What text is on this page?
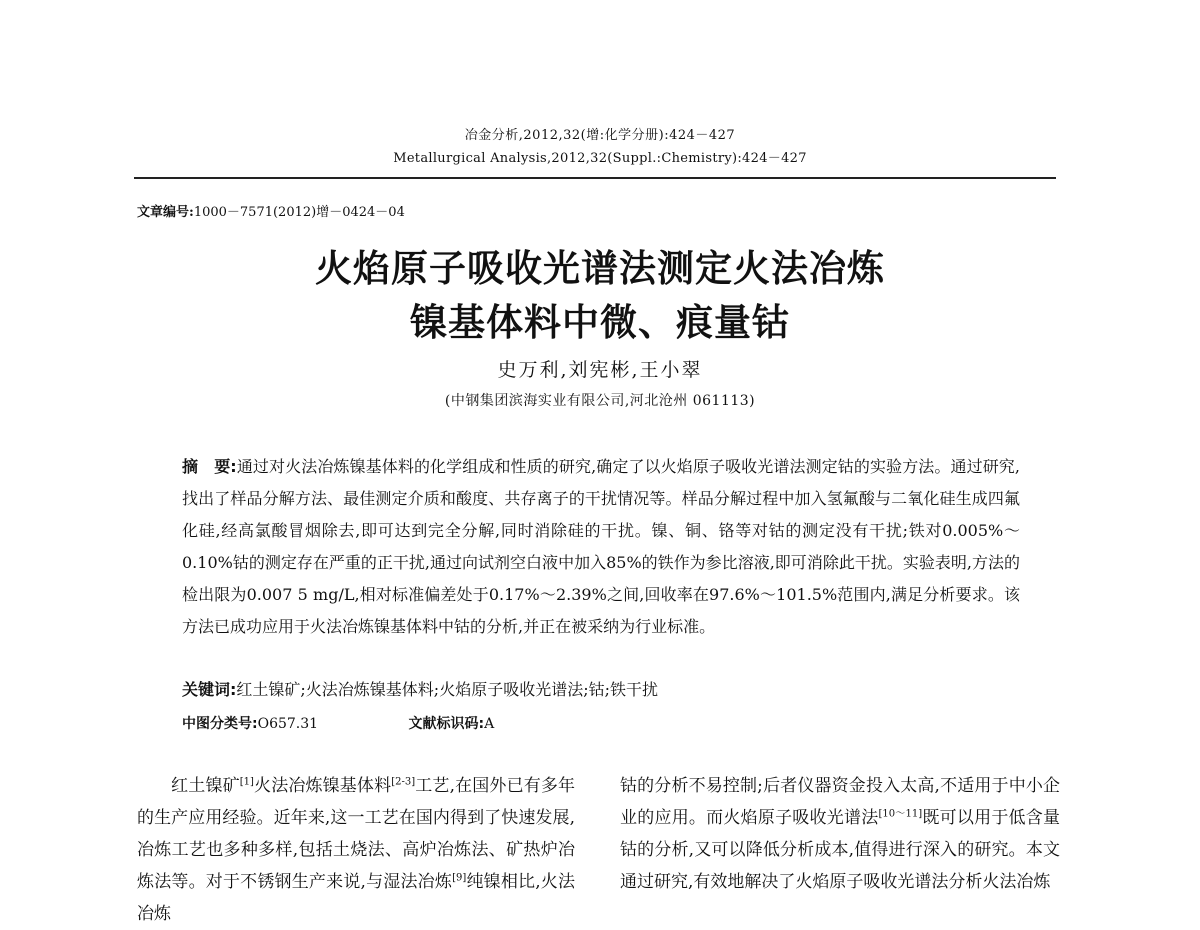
冶金分析,2012,32(增:化学分册):424－427
Metallurgical Analysis,2012,32(Suppl.:Chemistry):424－427
文章编号:1000－7571(2012)增－0424－04
火焰原子吸收光谱法测定火法冶炼
镍基体料中微、痕量钴
史万利,刘宪彬,王小翠
(中钢集团滨海实业有限公司,河北沧州 061113)

摘　要:通过对火法冶炼镍基体料的化学组成和性质的研究,确定了以火焰原子吸收光谱法测定钴的实验方法。通过研究,找出了样品分解方法、最佳测定介质和酸度、共存离子的干扰情况等。样品分解过程中加入氢氟酸与二氧化硅生成四氟化硅,经高氯酸冒烟除去,即可达到完全分解,同时消除硅的干扰。镍、铜、铬等对钴的测定没有干扰;铁对0.005%～0.10%钴的测定存在严重的正干扰,通过向试剂空白液中加入85%的铁作为参比溶液,即可消除此干扰。实验表明,方法的检出限为0.007 5 mg/L,相对标准偏差处于0.17%～2.39%之间,回收率在97.6%～101.5%范围内,满足分析要求。该方法已成功应用于火法冶炼镍基体料中钴的分析,并正在被采纳为行业标准。

关键词:红土镍矿;火法冶炼镍基体料;火焰原子吸收光谱法;钴;铁干扰

中图分类号:O657.31	文献标识码:A

红土镍矿[1]火法冶炼镍基体料[2-3]工艺,在国外已有多年的生产应用经验。近年来,这一工艺在国内得到了快速发展,冶炼工艺也多种多样,包括土烧法、高炉冶炼法、矿热炉冶炼法等。对于不锈钢生产来说,与湿法冶炼[9]纯镍相比,火法冶炼

钴的分析不易控制;后者仪器资金投入太高,不适用于中小企业的应用。而火焰原子吸收光谱法[10～11]既可以用于低含量钴的分析,又可以降低分析成本,值得进行深入的研究。本文通过研究,有效地解决了火焰原子吸收光谱法分析火法冶炼
